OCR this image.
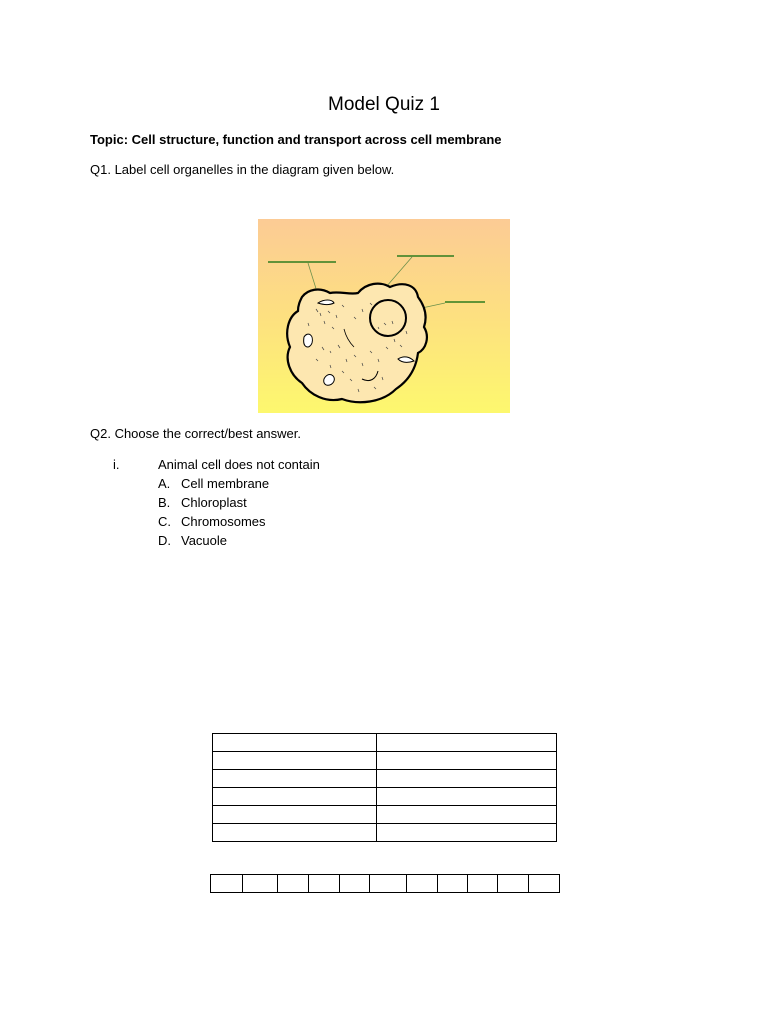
Model Quiz 1
Topic: Cell structure, function and transport across cell membrane
Q1. Label cell organelles in the diagram given below.
Q2. Choose the correct/best answer.
i.	Animal cell does not contain
A. Cell membrane
B. Chloroplast
C. Chromosomes
D. Vacuole
